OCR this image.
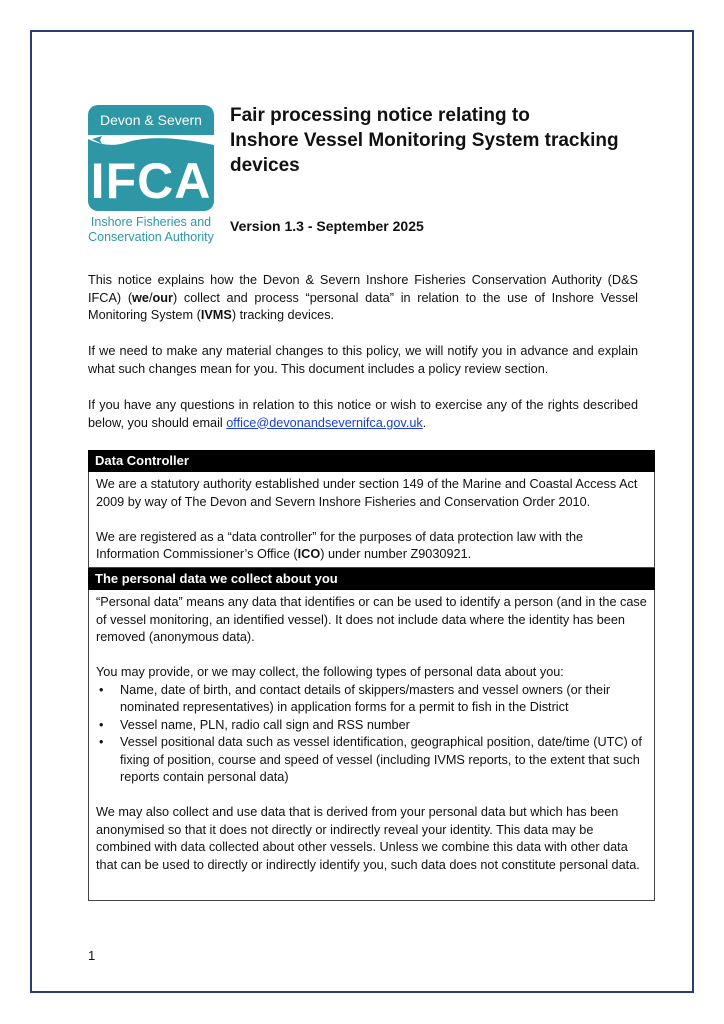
Devon & Severn
IFCA
Inshore Fisheries and
Conservation Authority
Fair processing notice relating to
Inshore Vessel Monitoring System tracking
devices
Version 1.3 - September 2025

This notice explains how the Devon & Severn Inshore Fisheries Conservation Authority (D&S IFCA) (we/our) collect and process “personal data” in relation to the use of Inshore Vessel Monitoring System (IVMS) tracking devices.

If we need to make any material changes to this policy, we will notify you in advance and explain what such changes mean for you. This document includes a policy review section.

If you have any questions in relation to this notice or wish to exercise any of the rights described below, you should email office@devonandsevernifca.gov.uk.

Data Controller

We are a statutory authority established under section 149 of the Marine and Coastal Access Act 2009 by way of The Devon and Severn Inshore Fisheries and Conservation Order 2010.

We are registered as a “data controller” for the purposes of data protection law with the Information Commissioner’s Office (ICO) under number Z9030921.

The personal data we collect about you

“Personal data” means any data that identifies or can be used to identify a person (and in the case of vessel monitoring, an identified vessel). It does not include data where the identity has been removed (anonymous data).

You may provide, or we may collect, the following types of personal data about you:

• Name, date of birth, and contact details of skippers/masters and vessel owners (or their nominated representatives) in application forms for a permit to fish in the District
• Vessel name, PLN, radio call sign and RSS number
• Vessel positional data such as vessel identification, geographical position, date/time (UTC) of fixing of position, course and speed of vessel (including IVMS reports, to the extent that such reports contain personal data)

We may also collect and use data that is derived from your personal data but which has been anonymised so that it does not directly or indirectly reveal your identity. This data may be combined with data collected about other vessels. Unless we combine this data with other data that can be used to directly or indirectly identify you, such data does not constitute personal data.

1
